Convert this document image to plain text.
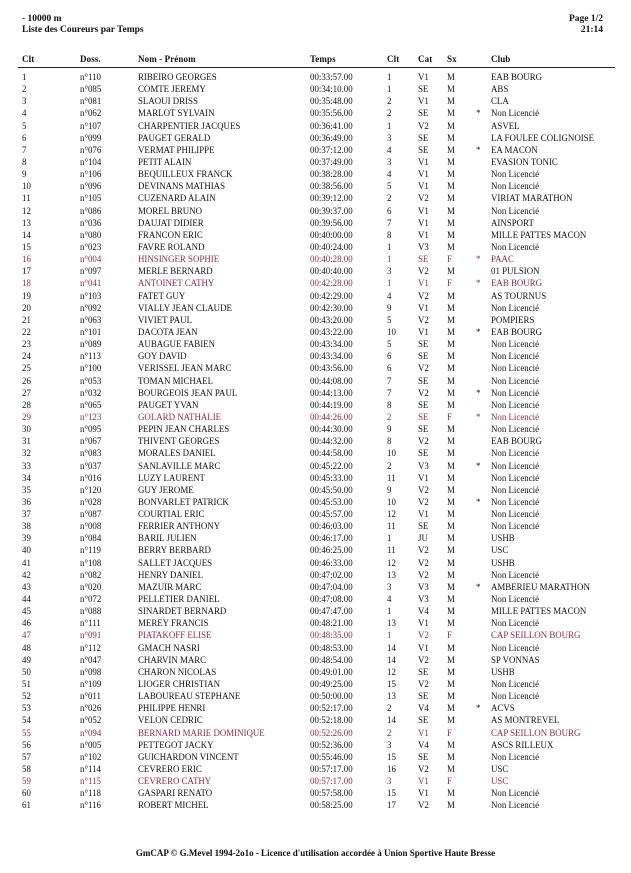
- 10000 m
Liste des Coureurs par Temps
Page 1/2
21:14
Clt	Doss.	Nom - Prénom	Temps	Clt Cat Sx	Club
1	n°110	RIBEIRO GEORGES	00:33:57.00	1	V1 M	EAB BOURG
2	n°085	COMTE JEREMY	00:34:10.00	1	SE M	ABS
3	n°081	SLAOUI DRISS	00:35:48.00	2	V1 M	CLA
4	n°062	MARLOT SYLVAIN	00:35:56.00	2	SE M * Non Licencié
5	n°107	CHARPENTIER JACQUES	00:36:41.00	1	V2 M	ASVEL
6	n°099	PAUGET GERALD	00:36:49.00	3	SE M	LA FOULEE COLIGNOISE
7	n°076	VERMAT PHILIPPE	00:37:12.00	4	SE M * EA MACON
8	n°104	PETIT ALAIN	00:37:49.00	3	V1 M	EVASION TONIC
9	n°106	BEQUILLEUX FRANCK	00:38:28.00	4	V1 M	Non Licencié
10	n°096	DEVINANS MATHIAS	00:38:56.00	5	V1 M	Non Licencié
11	n°105	CUZENARD ALAIN	00:39:12.00	2	V2 M	VIRIAT MARATHON
12	n°086	MOREL BRUNO	00:39:37.00	6	V1 M	Non Licencié
13	n°036	DAUJAT DIDIER	00:39:56.00	7	V1 M	AINSPORT
14	n°080	FRANCON ERIC	00:40:00.00	8	V1 M	MILLE PATTES MACON
15	n°023	FAVRE ROLAND	00:40:24.00	1	V3 M	Non Licencié
16	n°004	HINSINGER SOPHIE	00:40:28.00	1	SE F	* PAAC
17	n°097	MERLE BERNARD	00:40:40.00	3	V2 M	01 PULSION
18	n°041	ANTOINET CATHY	00:42:28.00	1	V1 F	* EAB BOURG
19	n°103	FATET GUY	00:42:29.00	4	V2 M	AS TOURNUS
20	n°092	VIALLY JEAN CLAUDE	00:42:30.00	9	V1 M	Non Licencié
21	n°063	VIVIET PAUL	00:43:20.00	5	V2 M	POMPIERS
22	n°101	DACOTA JEAN	00:43:22.00	10 V1 M * EAB BOURG
23	n°089	AUBAGUE FABIEN	00:43:34.00	5	SE M	Non Licencié
24	n°113	GOY DAVID	00:43:34.00	6	SE M	Non Licencié
25	n°100	VERISSEL JEAN MARC	00:43:56.00	6	V2 M	Non Licencié
26	n°053	TOMAN MICHAEL	00:44:08.00	7	SE M	Non Licencié
27	n°032	BOURGEOIS JEAN PAUL	00:44:13.00	7	V2 M * Non Licencié
28	n°065	PAUGET YVAN	00:44:19.00	8	SE M	Non Licencié
29	n°123	GOLARD NATHALIE	00:44:26.00	2	SE F	* Non Licencié
30	n°095	PEPIN JEAN CHARLES	00:44:30.00	9	SE M	Non Licencié
31	n°067	THIVENT GEORGES	00:44:32.00	8	V2 M	EAB BOURG
32	n°083	MORALES DANIEL	00:44:58.00	10 SE M	Non Licencié
33	n°037	SANLAVILLE MARC	00:45:22.00	2	V3 M * Non Licencié
34	n°016	LUZY LAURENT	00:45:33.00	11	V1 M	Non Licencié
35	n°120	GUY JEROME	00:45:50.00	9	V2 M	Non Licencié
36	n°028	BONVARLET PATRICK	00:45:53.00	10 V2 M * Non Licencié
37	n°087	COURTIAL ERIC	00:45:57.00	12 V1 M	Non Licencié
38	n°008	FERRIER ANTHONY	00:46:03.00	11	SE M	Non Licencié
39	n°084	BARIL JULIEN	00:46:17.00	1	JU M	USHB
40	n°119	BERRY BERBARD	00:46:25.00	11	V2 M	USC
41	n°108	SALLET JACQUES	00:46:33.00	12 V2 M	USHB
42	n°082	HENRY DANIEL	00:47:02.00	13 V2 M	Non Licencié
43	n°020	MAZUIR MARC	00:47:04.00	3	V3 M * AMBERIEU MARATHON
44	n°072	PELLETIER DANIEL	00:47:08.00	4	V3 M	Non Licencié
45	n°088	SINARDET BERNARD	00:47:47.00	1	V4 M	MILLE PATTES MACON
46	n°111	MEREY FRANCIS	00:48:21.00	13 V1 M	Non Licencié
47	n°091	PIATAKOFF ELISE	00:48:35.00	1	V2 F	CAP SEILLON BOURG
48	n°112	GMACH NASRI	00:48:53.00	14 V1 M	Non Licencié
49	n°047	CHARVIN MARC	00:48:54.00	14 V2 M	SP VONNAS
50	n°098	CHARON NICOLAS	00:49:01.00	12 SE M	USHB
51	n°109	LIOGER CHRISTIAN	00:49:25.00	15 V2 M	Non Licencié
52	n°011	LABOUREAU STEPHANE	00:50:00.00	13 SE M	Non Licencié
53	n°026	PHILIPPE HENRI	00:52:17.00	2	V4 M * ACVS
54	n°052	VELON CEDRIC	00:52:18.00	14 SE M	AS MONTREVEL
55	n°094	BERNARD MARIE DOMINIQUE	00:52:26.00	2	V1 F	CAP SEILLON BOURG
56	n°005	PETTEGOT JACKY	00:52:36.00	3	V4 M	ASCS RILLEUX
57	n°102	GUICHARDON VINCENT	00:55:46.00	15 SE M	Non Licencié
58	n°114	CEVRERO ERIC	00:57:17.00	16 V2 M	USC
59	n°115	CEVRERO CATHY	00:57:17.00	3	V1 F	USC
60	n°118	GASPARI RENATO	00:57:58.00	15 V1 M	Non Licencié
61	n°116	ROBERT MICHEL	00:58:25.00	17 V2 M	Non Licencié
GmCAP © G.Mevel 1994-2o1o - Licence d'utilisation accordée à Union Sportive Haute Bresse
